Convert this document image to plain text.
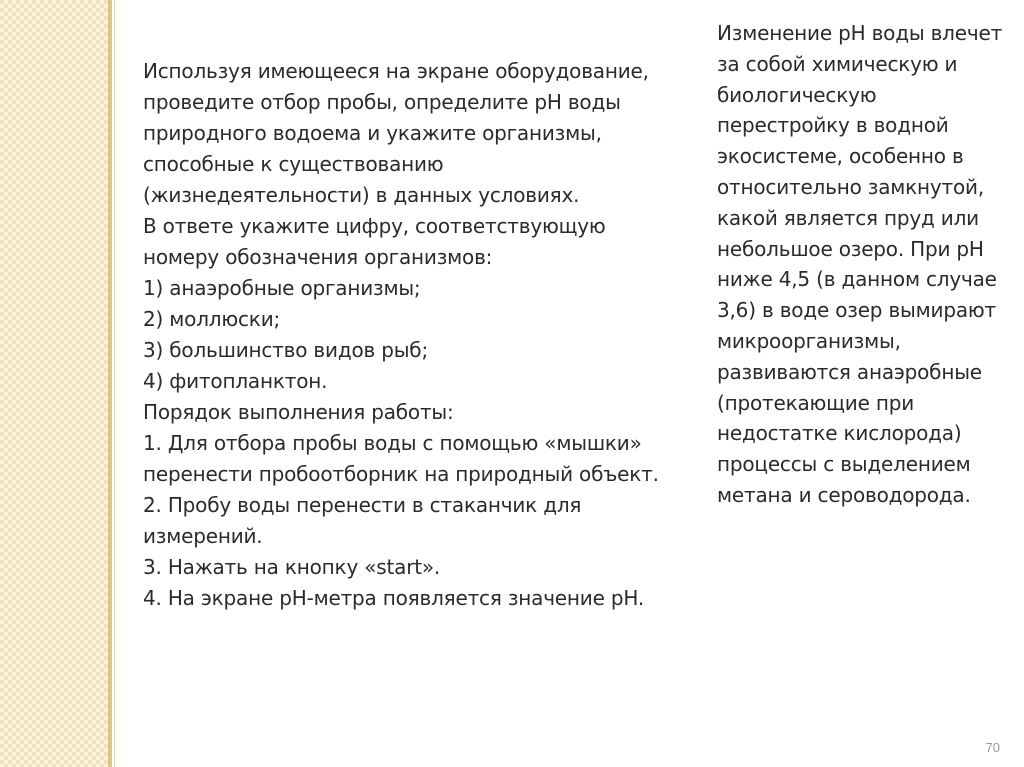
Используя имеющееся на экране оборудование, проведите отбор пробы, определите pH воды природного водоема и укажите организмы, способные к существованию (жизнедеятельности) в данных условиях.

В ответе укажите цифру, соответствующую номеру обозначения организмов:

1) анаэробные организмы;

2) моллюски;

3) большинство видов рыб;

4) фитопланктон.

Порядок выполнения работы:

1. Для отбора пробы воды с помощью «мышки» перенести пробоотборник на природный объект.

2. Пробу воды перенести в стаканчик для измерений.

3. Нажать на кнопку «start».

4. На экране pH-метра появляется значение pH.

Изменение pH воды влечет за собой химическую и биологическую перестройку в водной экосистеме, особенно в относительно замкнутой, какой является пруд или небольшое озеро. При pH ниже 4,5 (в данном случае 3,6) в воде озер вымирают микроорганизмы, развиваются анаэробные (протекающие при недостатке кислорода) процессы с выделением метана и сероводорода.

70
